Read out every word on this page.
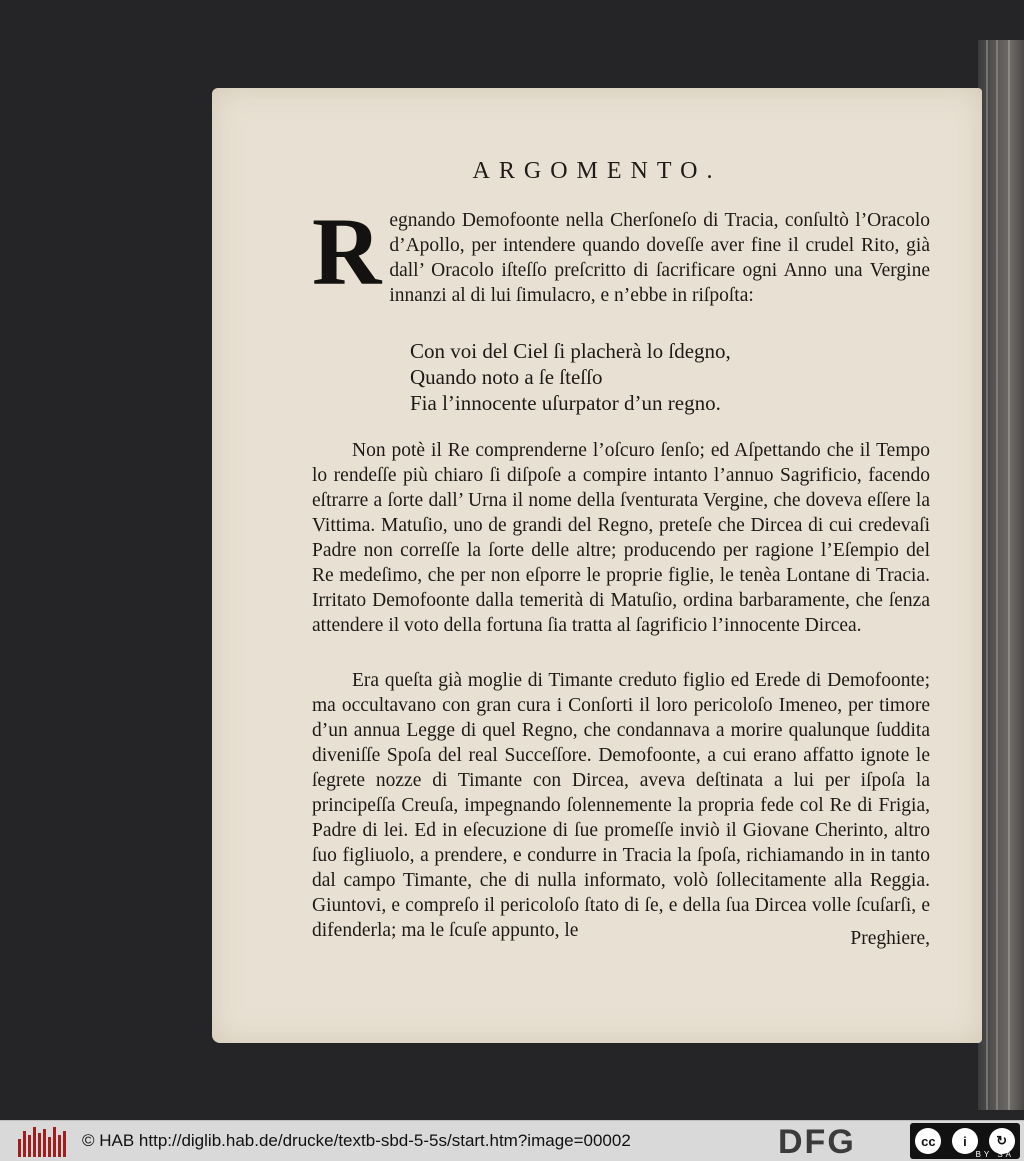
ARGOMENTO.
Regnando Demofoonte nella Cherſoneſo di Tracia, conſultò l’Oracolo d’Apollo, per intendere quando doveſſe aver fine il crudel Rito, già dall’ Oracolo iſteſſo preſcritto di ſacrificare ogni Anno una Vergine innanzi al di lui ſimulacro, e n’ebbe in riſpoſta:
Con voi del Ciel ſi placherà lo ſdegno,
Quando noto a ſe ſteſſo
Fia l’innocente uſurpator d’un regno.
Non potè il Re comprenderne l’oſcuro ſenſo; ed Aſpettando che il Tempo lo rendeſſe più chiaro ſi diſpoſe a compire intanto l’annuo Sagrificio, facendo eſtrarre a ſorte dall’ Urna il nome della ſventurata Vergine, che doveva eſſere la Vittima. Matuſio, uno de grandi del Regno, preteſe che Dircea di cui credevaſi Padre non correſſe la ſorte delle altre; producendo per ragione l’Eſempio del Re medeſimo, che per non eſporre le proprie figlie, le tenèa Lontane di Tracia. Irritato Demofoonte dalla temerità di Matuſio, ordina barbaramente, che ſenza attendere il voto della fortuna ſia tratta al ſagrificio l’innocente Dircea.
Era queſta già moglie di Timante creduto figlio ed Erede di Demofoonte; ma occultavano con gran cura i Conſorti il loro pericoloſo Imeneo, per timore d’un annua Legge di quel Regno, che condannava a morire qualunque ſuddita diveniſſe Spoſa del real Succeſſore. Demofoonte, a cui erano affatto ignote le ſegrete nozze di Timante con Dircea, aveva deſtinata a lui per iſpoſa la principeſſa Creuſa, impegnando ſolennemente la propria fede col Re di Frigia, Padre di lei. Ed in eſecuzione di ſue promeſſe inviò il Giovane Cherinto, altro ſuo figliuolo, a prendere, e condurre in Tracia la ſpoſa, richiamando in in tanto dal campo Timante, che di nulla informato, volò ſollecitamente alla Reggia. Giuntovi, e compreſo il pericoloſo ſtato di ſe, e della ſua Dircea volle ſcuſarſi, e difenderla; ma le ſcuſe appunto, le	Preghiere,
© HAB http://diglib.hab.de/drucke/textb-sbd-5-5s/start.htm?image=00002	DFG	cc	i	↻
BY SA
